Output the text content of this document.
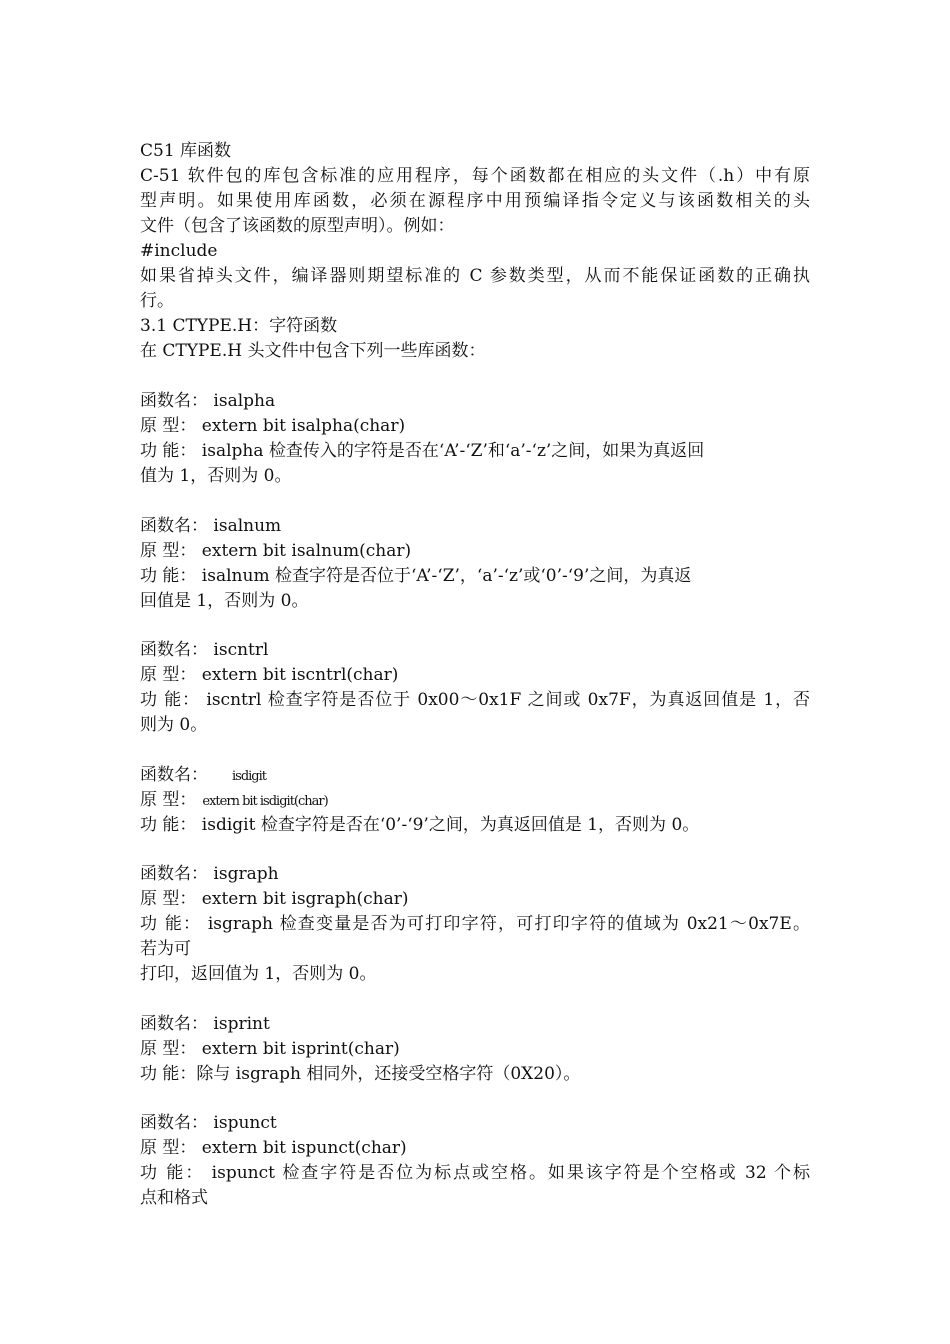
C51 库函数
C-51 软件包的库包含标准的应用程序，每个函数都在相应的头文件（.h）中有原
型声明。如果使用库函数，必须在源程序中用预编译指令定义与该函数相关的头
文件（包含了该函数的原型声明）。例如：
#include
如果省掉头文件，编译器则期望标准的 C 参数类型，从而不能保证函数的正确执
行。
3.1 CTYPE.H：字符函数
在 CTYPE.H 头文件中包含下列一些库函数：
函数名： isalpha
原 型： extern bit isalpha(char)
功 能： isalpha 检查传入的字符是否在‘A’-‘Z’和‘a’-‘z’之间，如果为真返回
值为 1，否则为 0。
函数名： isalnum
原 型： extern bit isalnum(char)
功 能： isalnum 检查字符是否位于‘A’-‘Z’，‘a’-‘z’或‘0’-‘9’之间，为真返
回值是 1，否则为 0。
函数名： iscntrl
原 型： extern bit iscntrl(char)
功 能： iscntrl 检查字符是否位于 0x00～0x1F 之间或 0x7F，为真返回值是 1，否
则为 0。
函数名： isdigit
原 型： extern bit isdigit(char)
功 能： isdigit 检查字符是否在‘0’-‘9’之间，为真返回值是 1，否则为 0。
函数名： isgraph
原 型： extern bit isgraph(char)
功 能： isgraph 检查变量是否为可打印字符，可打印字符的值域为 0x21～0x7E。
若为可
打印，返回值为 1，否则为 0。
函数名： isprint
原 型： extern bit isprint(char)
功 能：除与 isgraph 相同外，还接受空格字符（0X20）。
函数名： ispunct
原 型： extern bit ispunct(char)
功 能： ispunct 检查字符是否位为标点或空格。如果该字符是个空格或 32 个标
点和格式
